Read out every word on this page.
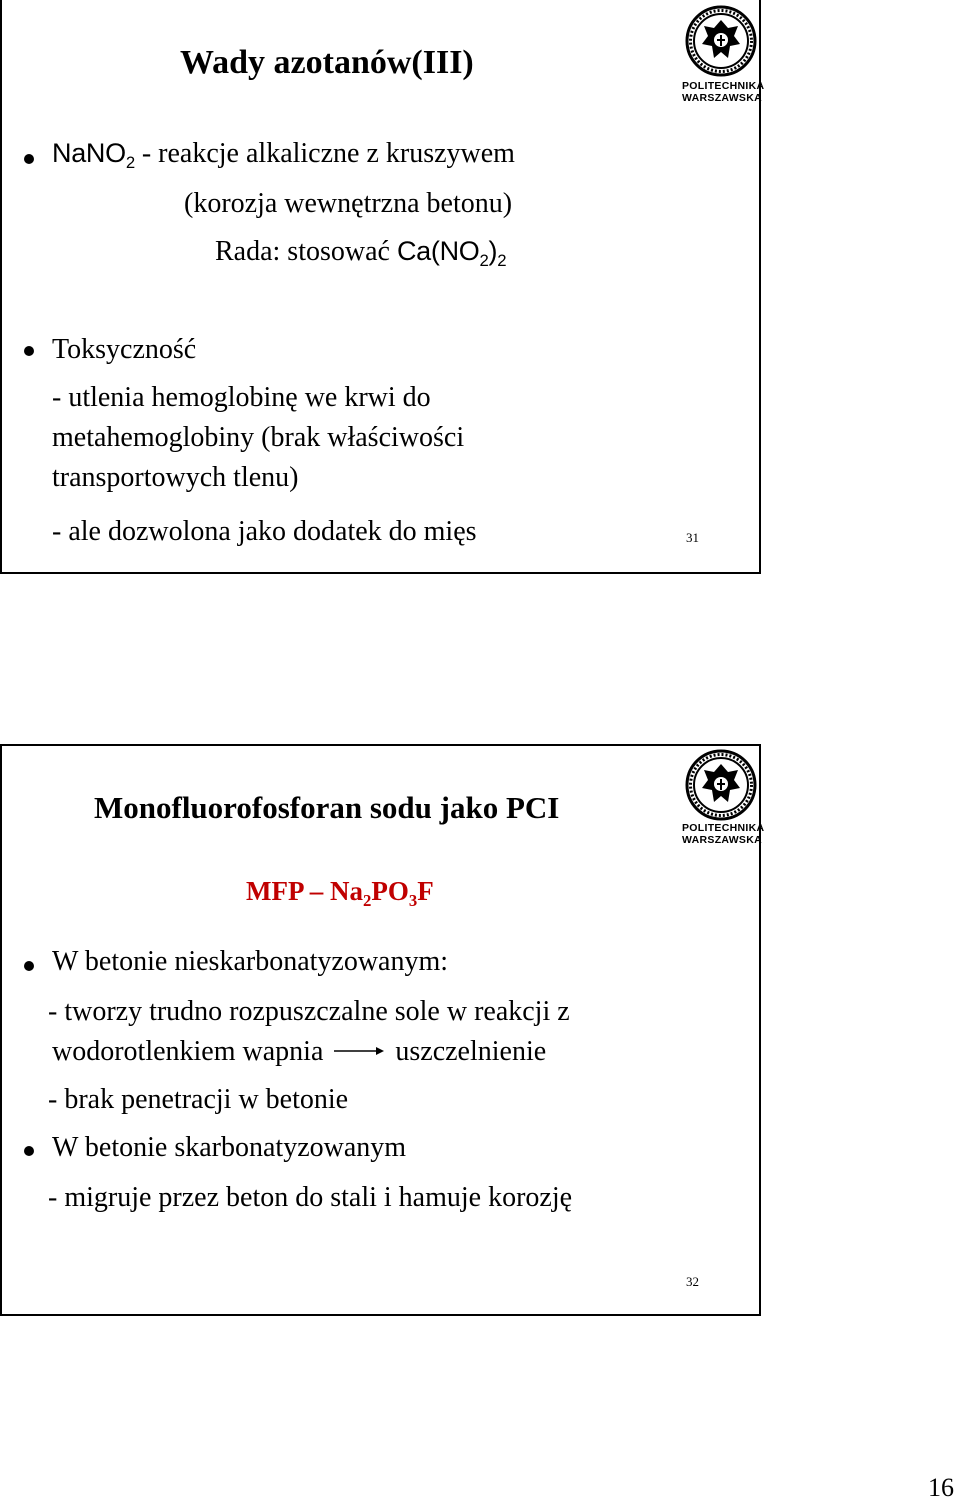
POLITECHNIKA
WARSZAWSKA
Wady azotanów(III)
NaNO$_2$ - reakcje alkaliczne z kruszywem
(korozja wewnętrzna betonu)
Rada: stosować $Ca(NO_2)_2$
Toksyczność
- utlenia hemoglobinę we krwi do
metahemoglobiny (brak właściwości
transportowych tlenu)
- ale dozwolona jako dodatek do mięs	31
POLITECHNIKA
WARSZAWSKA
Monofluorofosforan sodu jako PCI
MFP – $Na_2PO_3F$
W betonie nieskarbonatyzowanym:
- tworzy trudno rozpuszczalne sole w reakcji z
wodorotlenkiem wapnia	uszczelnienie
- brak penetracji w betonie
W betonie skarbonatyzowanym
- migruje przez beton do stali i hamuje korozję
32
16
